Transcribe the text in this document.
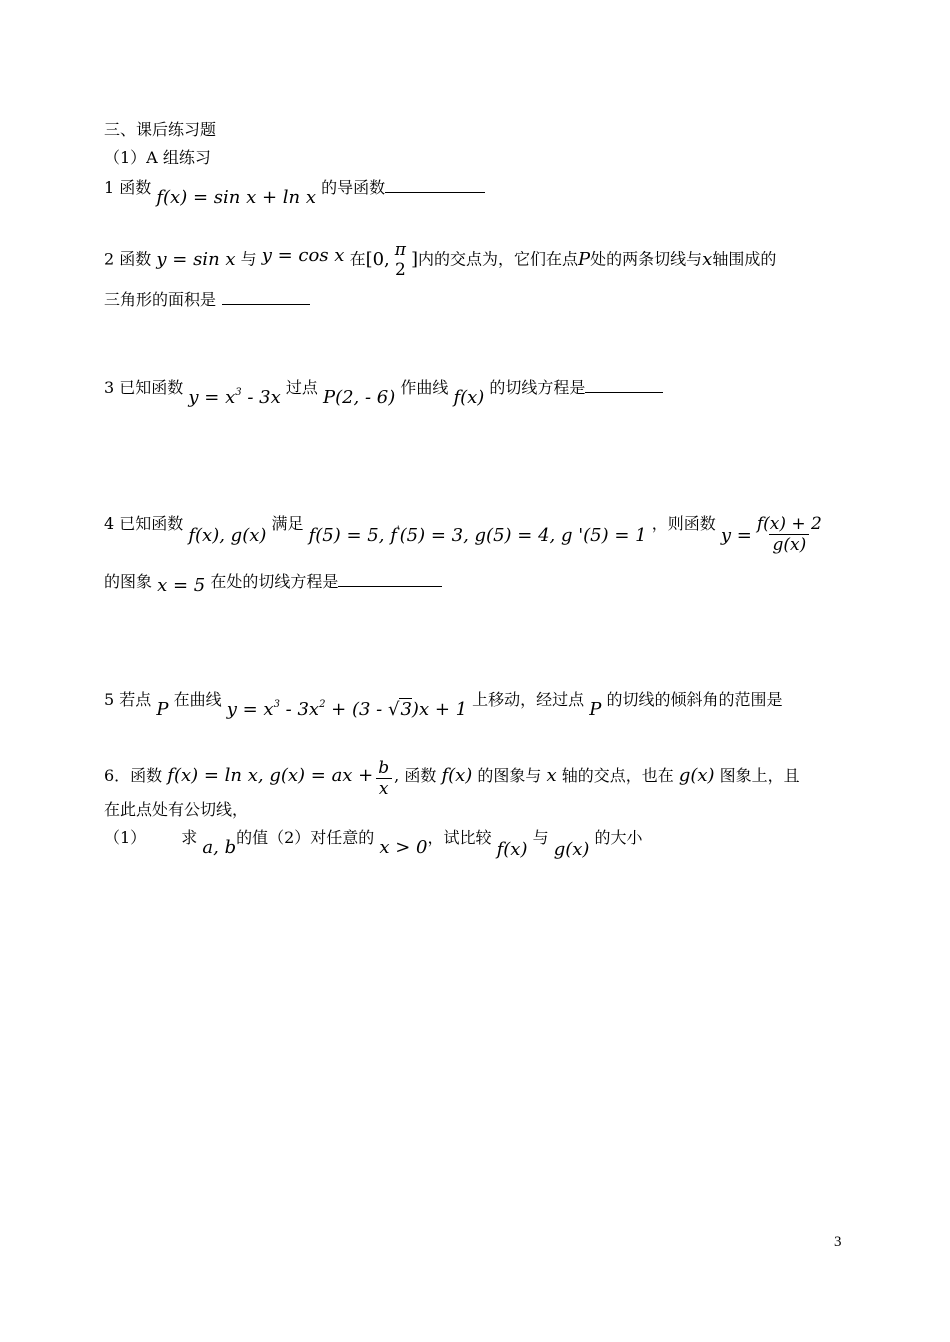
三、课后练习题
（1）A 组练习
1 函数 f(x) = sin x + ln x 的导函数
2 函数 y = sin x 与 y = cos x 在[0, π
2
]内的交点为，它们在点P处的两条切线与x轴围成的
三角形的面积是
3 已知函数 $y = x^3 - 3x$ 过点 P(2, - 6) 作曲线 f(x) 的切线方程是
4 已知函数 f(x), g(x) 满足 f(5) = 5, f'(5) = 3, g(5) = 4, g '(5) = 1 ，则函数 $y = \frac{f(x) + 2}{g(x)}$
的图象 x = 5 在处的切线方程是
5 若点 P 在曲线 $y = x^3 - 3x^2 + (3 - √3)x + 1$ 上移动，经过点 P 的切线的倾斜角的范围是
6．函数 f(x) = ln x, g(x) = ax + $\frac{b}{x}$ , 函数 f(x) 的图象与 x 轴的交点，也在 g(x) 图象上，且
在此点处有公切线，
（1） 求 a, b的值（2）对任意的 x > 0，试比较 f(x) 与 g(x) 的大小
3
